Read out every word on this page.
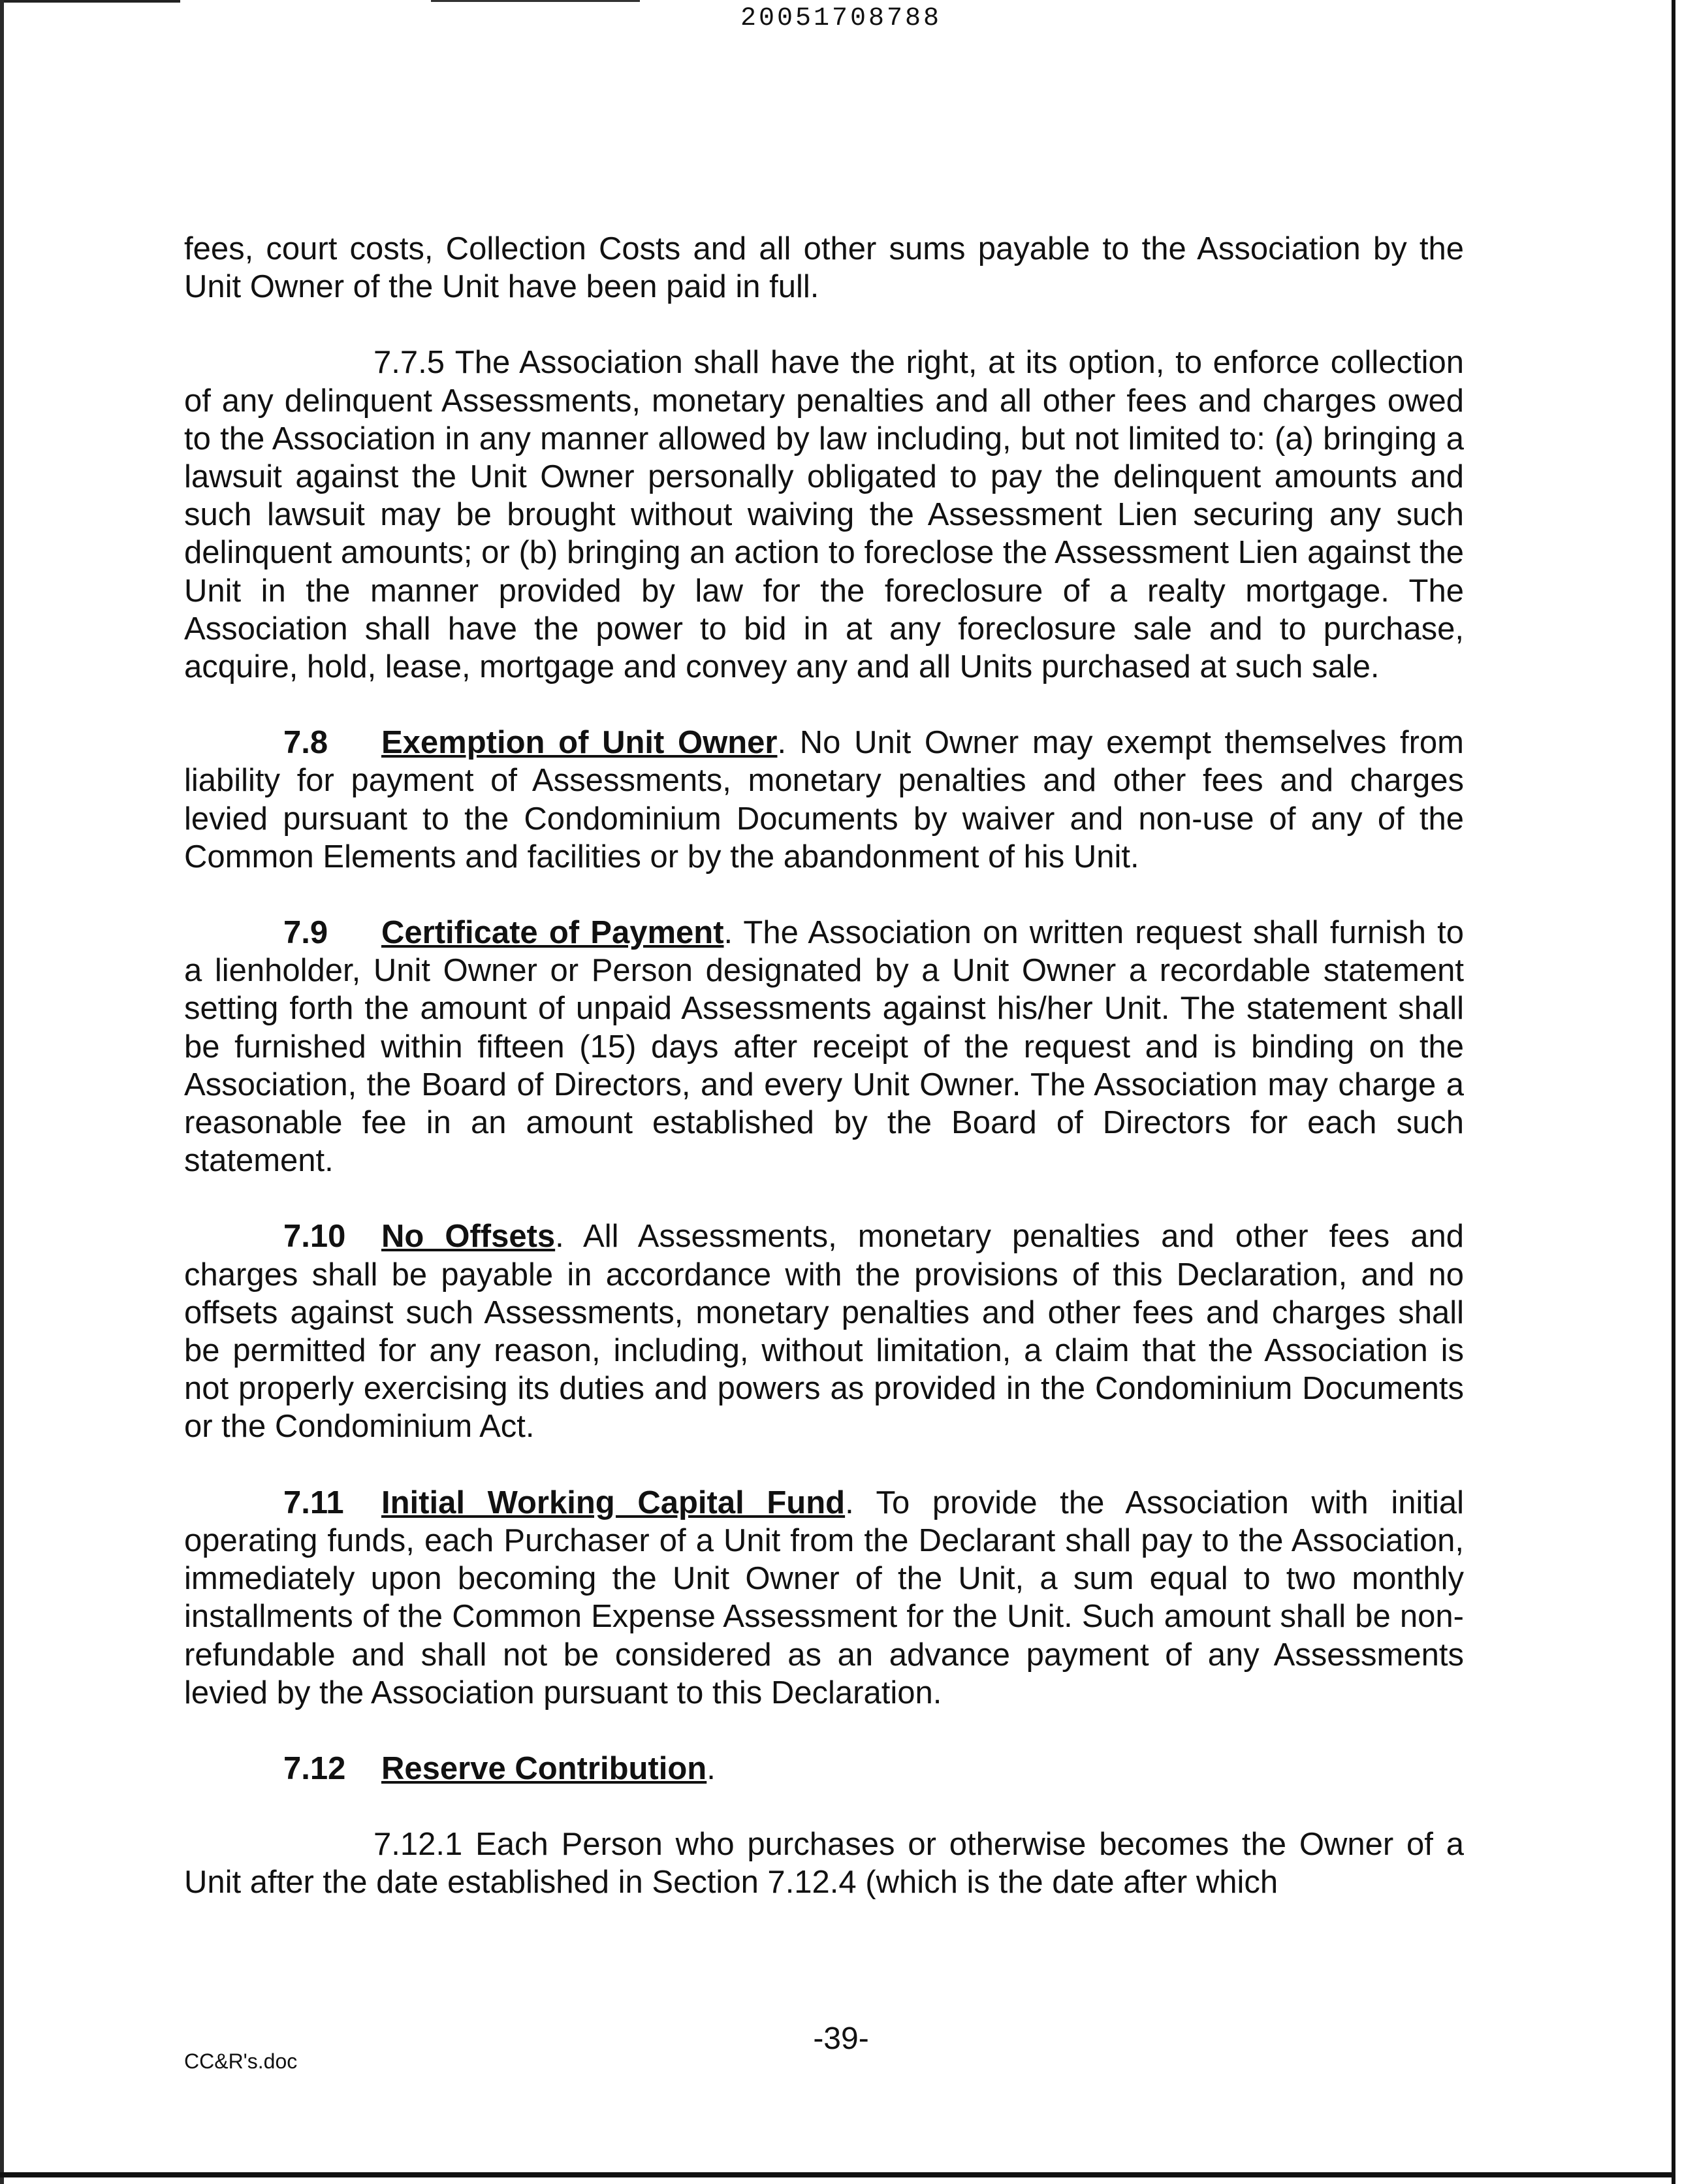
20051708788

fees, court costs, Collection Costs and all other sums payable to the Association by the Unit Owner of the Unit have been paid in full.

7.7.5 The Association shall have the right, at its option, to enforce collection of any delinquent Assessments, monetary penalties and all other fees and charges owed to the Association in any manner allowed by law including, but not limited to: (a) bringing a lawsuit against the Unit Owner personally obligated to pay the delinquent amounts and such lawsuit may be brought without waiving the Assessment Lien securing any such delinquent amounts; or (b) bringing an action to foreclose the Assessment Lien against the Unit in the manner provided by law for the foreclosure of a realty mortgage. The Association shall have the power to bid in at any foreclosure sale and to purchase, acquire, hold, lease, mortgage and convey any and all Units purchased at such sale.

7.8 Exemption of Unit Owner. No Unit Owner may exempt themselves from liability for payment of Assessments, monetary penalties and other fees and charges levied pursuant to the Condominium Documents by waiver and non-use of any of the Common Elements and facilities or by the abandonment of his Unit.

7.9 Certificate of Payment. The Association on written request shall furnish to a lienholder, Unit Owner or Person designated by a Unit Owner a recordable statement setting forth the amount of unpaid Assessments against his/her Unit. The statement shall be furnished within fifteen (15) days after receipt of the request and is binding on the Association, the Board of Directors, and every Unit Owner. The Association may charge a reasonable fee in an amount established by the Board of Directors for each such statement.

7.10 No Offsets. All Assessments, monetary penalties and other fees and charges shall be payable in accordance with the provisions of this Declaration, and no offsets against such Assessments, monetary penalties and other fees and charges shall be permitted for any reason, including, without limitation, a claim that the Association is not properly exercising its duties and powers as provided in the Condominium Documents or the Condominium Act.

7.11 Initial Working Capital Fund. To provide the Association with initial operating funds, each Purchaser of a Unit from the Declarant shall pay to the Association, immediately upon becoming the Unit Owner of the Unit, a sum equal to two monthly installments of the Common Expense Assessment for the Unit. Such amount shall be non-refundable and shall not be considered as an advance payment of any Assessments levied by the Association pursuant to this Declaration.

7.12 Reserve Contribution.

7.12.1 Each Person who purchases or otherwise becomes the Owner of a Unit after the date established in Section 7.12.4 (which is the date after which

-39-
CC&R's.doc
